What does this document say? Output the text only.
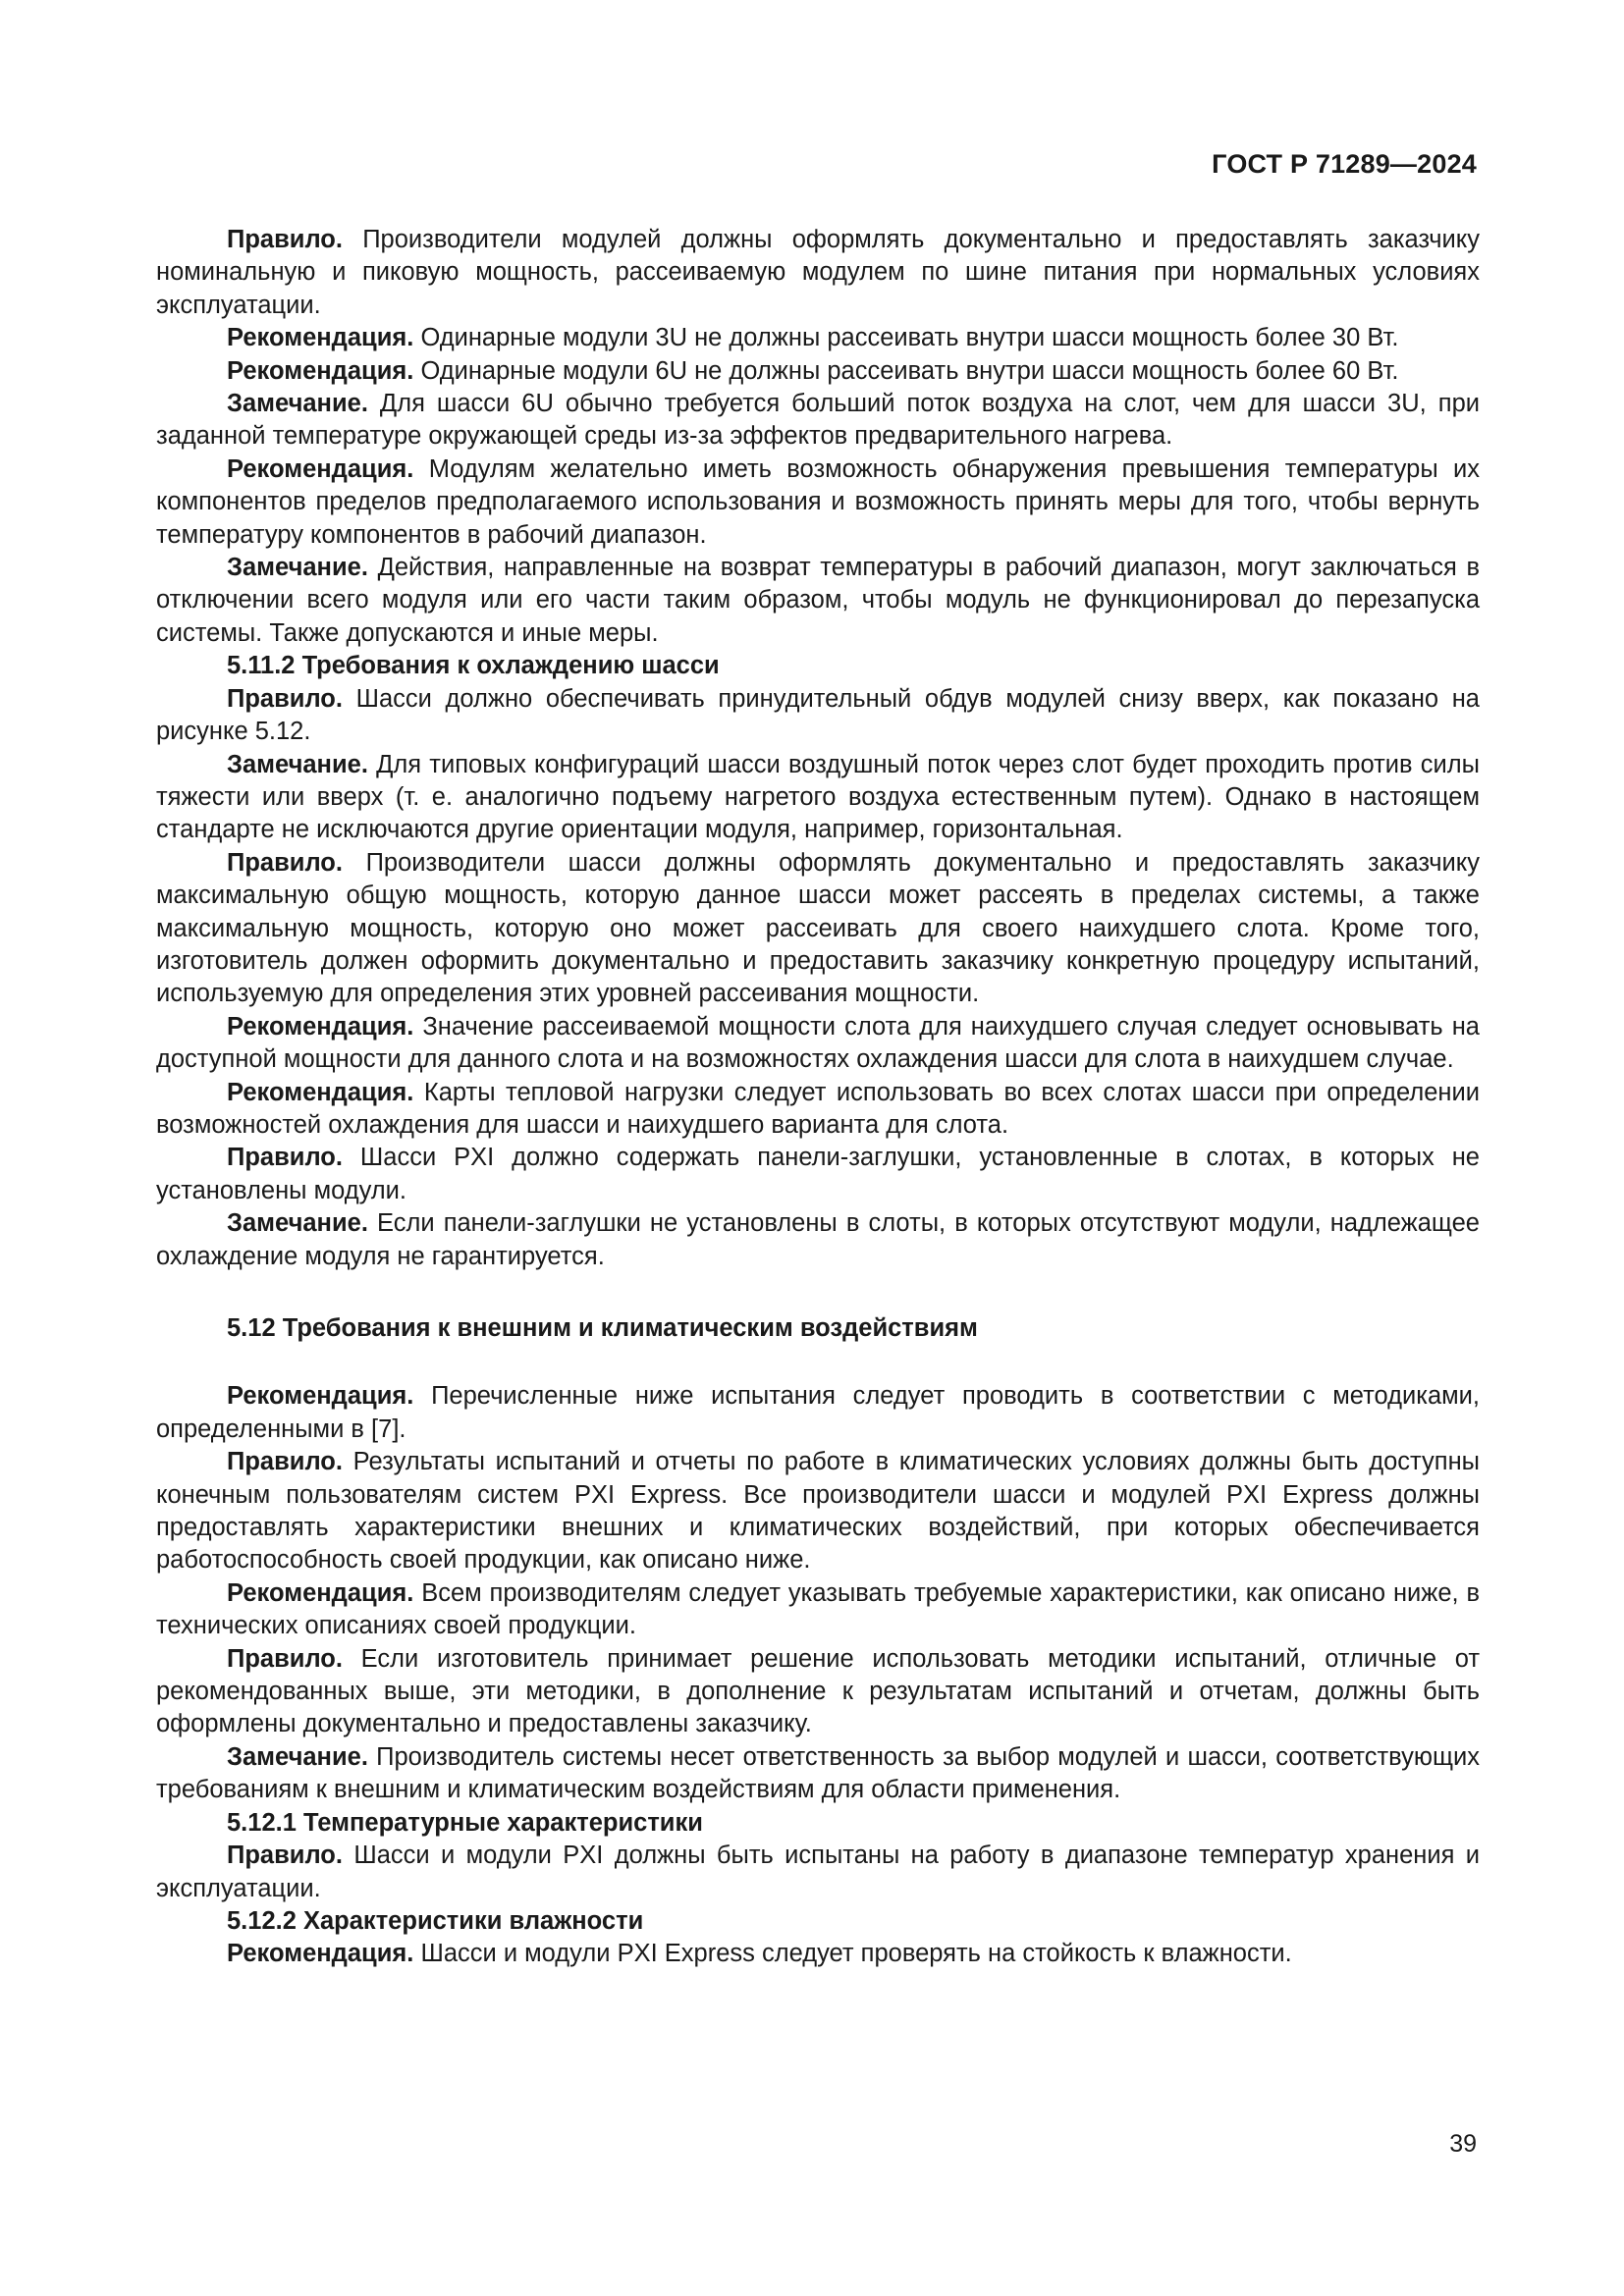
ГОСТ Р 71289—2024

Правило. Производители модулей должны оформлять документально и предоставлять заказчику номинальную и пиковую мощность, рассеиваемую модулем по шине питания при нормальных условиях эксплуатации.

Рекомендация. Одинарные модули 3U не должны рассеивать внутри шасси мощность более 30 Вт.

Рекомендация. Одинарные модули 6U не должны рассеивать внутри шасси мощность более 60 Вт.

Замечание. Для шасси 6U обычно требуется больший поток воздуха на слот, чем для шасси 3U, при заданной температуре окружающей среды из-за эффектов предварительного нагрева.

Рекомендация. Модулям желательно иметь возможность обнаружения превышения температуры их компонентов пределов предполагаемого использования и возможность принять меры для того, чтобы вернуть температуру компонентов в рабочий диапазон.

Замечание. Действия, направленные на возврат температуры в рабочий диапазон, могут заключаться в отключении всего модуля или его части таким образом, чтобы модуль не функционировал до перезапуска системы. Также допускаются и иные меры.

5.11.2 Требования к охлаждению шасси

Правило. Шасси должно обеспечивать принудительный обдув модулей снизу вверх, как показано на рисунке 5.12.

Замечание. Для типовых конфигураций шасси воздушный поток через слот будет проходить против силы тяжести или вверх (т. е. аналогично подъему нагретого воздуха естественным путем). Однако в настоящем стандарте не исключаются другие ориентации модуля, например, горизонтальная.

Правило. Производители шасси должны оформлять документально и предоставлять заказчику максимальную общую мощность, которую данное шасси может рассеять в пределах системы, а также максимальную мощность, которую оно может рассеивать для своего наихудшего слота. Кроме того, изготовитель должен оформить документально и предоставить заказчику конкретную процедуру испытаний, используемую для определения этих уровней рассеивания мощности.

Рекомендация. Значение рассеиваемой мощности слота для наихудшего случая следует основывать на доступной мощности для данного слота и на возможностях охлаждения шасси для слота в наихудшем случае.

Рекомендация. Карты тепловой нагрузки следует использовать во всех слотах шасси при определении возможностей охлаждения для шасси и наихудшего варианта для слота.

Правило. Шасси PXI должно содержать панели-заглушки, установленные в слотах, в которых не установлены модули.

Замечание. Если панели-заглушки не установлены в слоты, в которых отсутствуют модули, надлежащее охлаждение модуля не гарантируется.

5.12 Требования к внешним и климатическим воздействиям

Рекомендация. Перечисленные ниже испытания следует проводить в соответствии с методиками, определенными в [7].

Правило. Результаты испытаний и отчеты по работе в климатических условиях должны быть доступны конечным пользователям систем PXI Express. Все производители шасси и модулей PXI Express должны предоставлять характеристики внешних и климатических воздействий, при которых обеспечивается работоспособность своей продукции, как описано ниже.

Рекомендация. Всем производителям следует указывать требуемые характеристики, как описано ниже, в технических описаниях своей продукции.

Правило. Если изготовитель принимает решение использовать методики испытаний, отличные от рекомендованных выше, эти методики, в дополнение к результатам испытаний и отчетам, должны быть оформлены документально и предоставлены заказчику.

Замечание. Производитель системы несет ответственность за выбор модулей и шасси, соответствующих требованиям к внешним и климатическим воздействиям для области применения.

5.12.1 Температурные характеристики

Правило. Шасси и модули PXI должны быть испытаны на работу в диапазоне температур хранения и эксплуатации.

5.12.2 Характеристики влажности

Рекомендация. Шасси и модули PXI Express следует проверять на стойкость к влажности.

39
